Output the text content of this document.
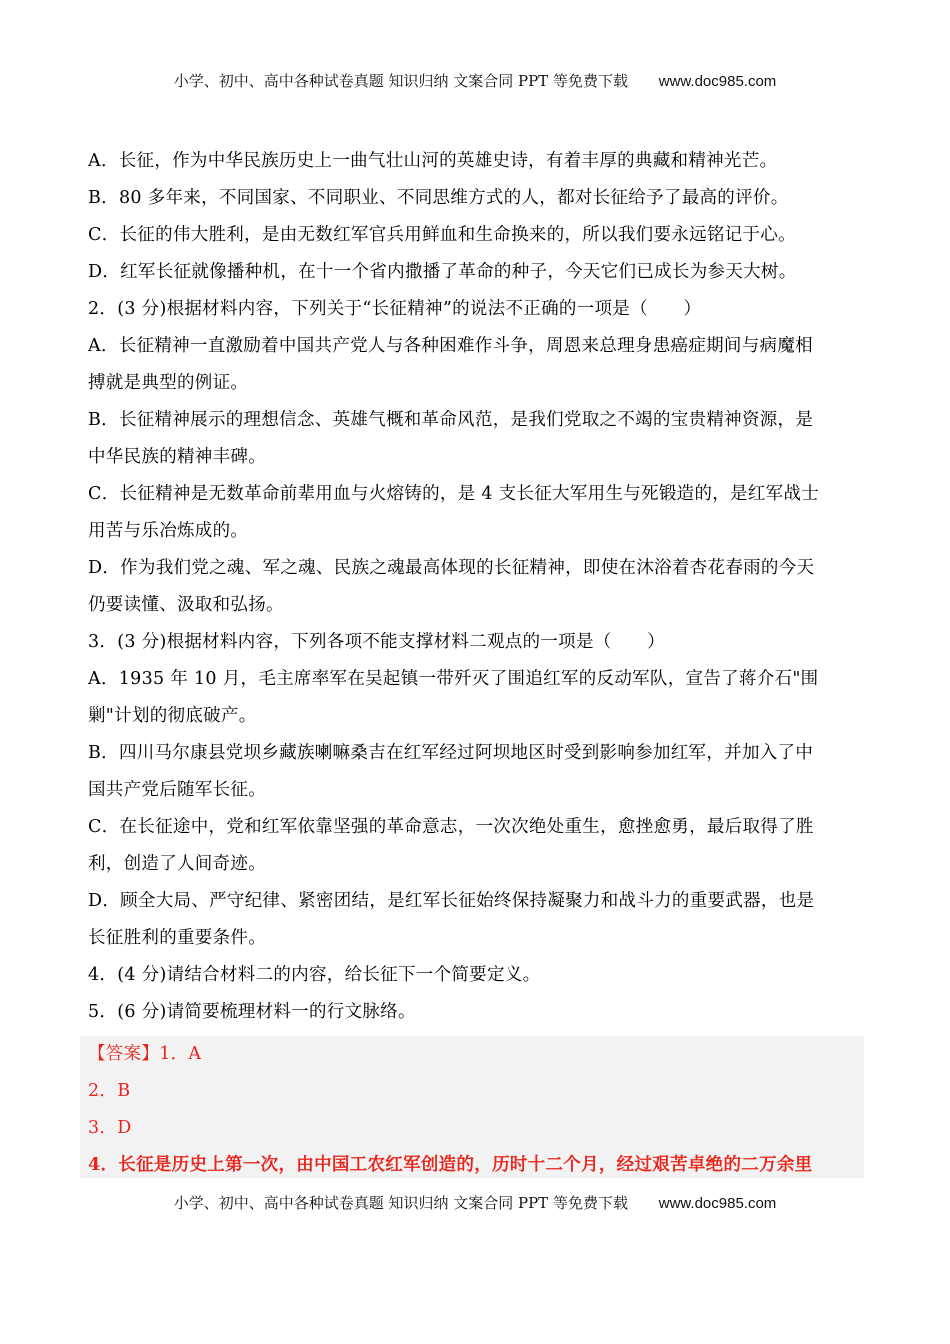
小学、初中、高中各种试卷真题 知识归纳 文案合同 PPT 等免费下载 www.doc985.com
A．长征，作为中华民族历史上一曲气壮山河的英雄史诗，有着丰厚的典藏和精神光芒。
B．80 多年来，不同国家、不同职业、不同思维方式的人，都对长征给予了最高的评价。
C．长征的伟大胜利，是由无数红军官兵用鲜血和生命换来的，所以我们要永远铭记于心。
D．红军长征就像播种机，在十一个省内撒播了革命的种子，今天它们已成长为参天大树。
2．(3 分)根据材料内容，下列关于“长征精神”的说法不正确的一项是（　　）
A．长征精神一直激励着中国共产党人与各种困难作斗争，周恩来总理身患癌症期间与病魔相
搏就是典型的例证。
B．长征精神展示的理想信念、英雄气概和革命风范，是我们党取之不竭的宝贵精神资源，是
中华民族的精神丰碑。
C．长征精神是无数革命前辈用血与火熔铸的，是 4 支长征大军用生与死锻造的，是红军战士
用苦与乐冶炼成的。
D．作为我们党之魂、军之魂、民族之魂最高体现的长征精神，即使在沐浴着杏花春雨的今天
仍要读懂、汲取和弘扬。
3．(3 分)根据材料内容，下列各项不能支撑材料二观点的一项是（　　）
A．1935 年 10 月，毛主席率军在吴起镇一带歼灭了围追红军的反动军队，宣告了蒋介石"围
剿"计划的彻底破产。
B．四川马尔康县党坝乡藏族喇嘛桑吉在红军经过阿坝地区时受到影响参加红军，并加入了中
国共产党后随军长征。
C．在长征途中，党和红军依靠坚强的革命意志，一次次绝处重生，愈挫愈勇，最后取得了胜
利，创造了人间奇迹。
D．顾全大局、严守纪律、紧密团结，是红军长征始终保持凝聚力和战斗力的重要武器，也是
长征胜利的重要条件。
4．(4 分)请结合材料二的内容，给长征下一个简要定义。
5．(6 分)请简要梳理材料一的行文脉络。
【答案】1．A
2．B
3．D
4．长征是历史上第一次，由中国工农红军创造的，历时十二个月，经过艰苦卓绝的二万余里
小学、初中、高中各种试卷真题 知识归纳 文案合同 PPT 等免费下载 www.doc985.com
